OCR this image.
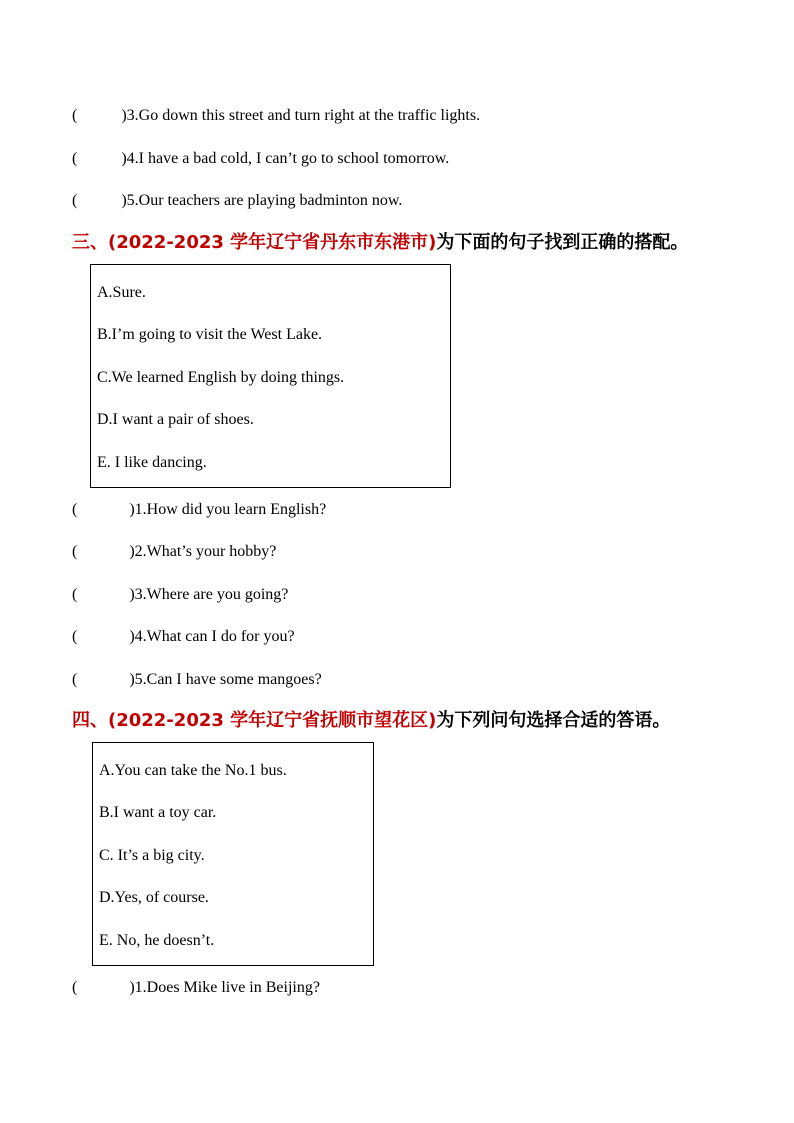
(	)3.Go down this street and turn right at the traffic lights.
(	)4.I have a bad cold, I can’t go to school tomorrow.
(	)5.Our teachers are playing badminton now.
三、(2022-2023 学年辽宁省丹东市东港市)为下面的句子找到正确的搭配。
A.Sure.
B.I’m going to visit the West Lake.
C.We learned English by doing things.
D.I want a pair of shoes.
E. I like dancing.
(	)1.How did you learn English?
(	)2.What’s your hobby?
(	)3.Where are you going?
(	)4.What can I do for you?
(	)5.Can I have some mangoes?
四、(2022-2023 学年辽宁省抚顺市望花区)为下列问句选择合适的答语。
A.You can take the No.1 bus.
B.I want a toy car.
C. It’s a big city.
D.Yes, of course.
E. No, he doesn’t.
(	)1.Does Mike live in Beijing?
